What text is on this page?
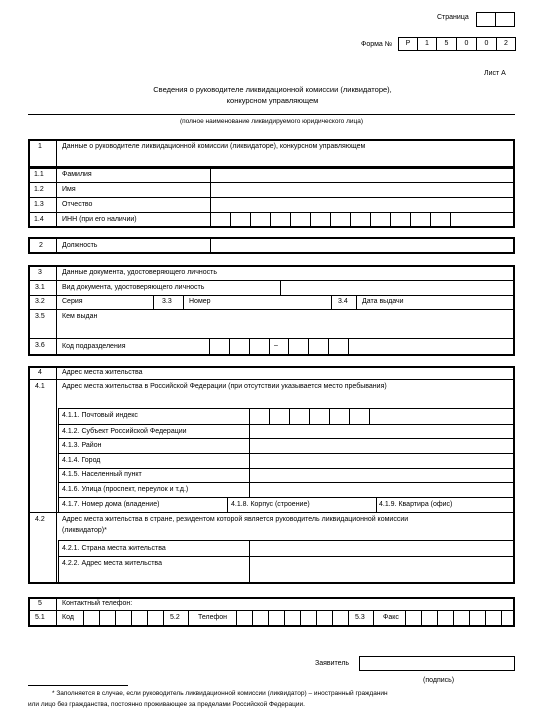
Страница
Форма №	Р	1	5	0	0	2
Лист А
Сведения о руководителе ликвидационной комиссии (ликвидаторе),
конкурсном управляющем
(полное наименование ликвидируемого юридического лица)
1	Данные о руководителе ликвидационной комиссии (ликвидаторе), конкурсном управляющем
1.1	Фамилия
1.2	Имя
1.3	Отчество
1.4	ИНН (при его наличии)
2	Должность
3	Данные документа, удостоверяющего личность
3.1 Вид документа, удостоверяющего личность
3.2 Серия	3.3 Номер	3.4 Дата выдачи
3.5 Кем выдан
3.6 Код подразделения	–
4	Адрес места жительства
4.1 Адрес места жительства в Российской Федерации (при отсутствии указывается место пребывания)
4.1.1. Почтовый индекс
4.1.2. Субъект Российской Федерации
4.1.3. Район
4.1.4. Город
4.1.5. Населенный пункт
4.1.6. Улица (проспект, переулок и т.д.)
4.1.7. Номер дома (владение)	4.1.8. Корпус (строение)	4.1.9. Квартира (офис)
4.2 Адрес места жительства в стране, резидентом которой является руководитель ликвидационной комиссии
(ликвидатор)*
4.2.1. Страна места жительства
4.2.2. Адрес места жительства
5	Контактный телефон:
5.1 Код	5.2	Телефон	5.3	Факс
Заявитель
(подпись)
* Заполняется в случае, если руководитель ликвидационной комиссии (ликвидатор) – иностранный гражданин
или лицо без гражданства, постоянно проживающее за пределами Российской Федерации.
